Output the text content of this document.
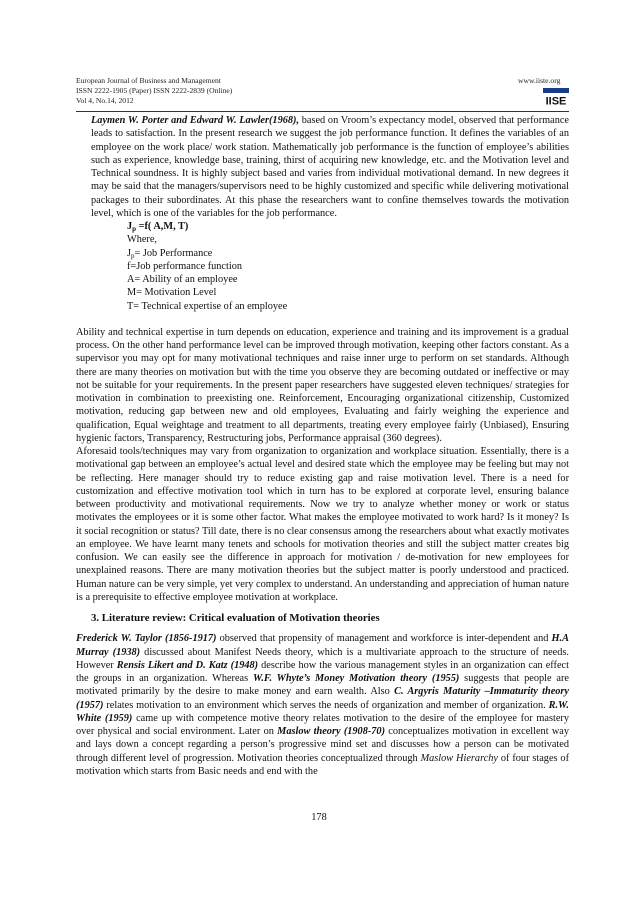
European Journal of Business and Management
ISSN 2222-1905 (Paper) ISSN 2222-2839 (Online)
Vol 4, No.14, 2012
www.iiste.org
IISE

Laymen W. Porter and Edward W. Lawler(1968), based on Vroom’s expectancy model, observed that performance leads to satisfaction. In the present research we suggest the job performance function. It defines the variables of an employee on the work place/ work station. Mathematically job performance is the function of employee’s abilities such as experience, knowledge base, training, thirst of acquiring new knowledge, etc. and the Motivation level and Technical soundness. It is highly subject based and varies from individual motivational demand. In new degrees it may be said that the managers/supervisors need to be highly customized and specific while delivering motivational packages to their subordinates. At this phase the researchers want to confine themselves towards the motivation level, which is one of the variables for the job performance.

$J_p =f$( A,M, T)
Where,
$J_p=$ Job Performance
f=Job performance function
A= Ability of an employee
M= Motivation Level
T= Technical expertise of an employee

Ability and technical expertise in turn depends on education, experience and training and its improvement is a gradual process. On the other hand performance level can be improved through motivation, keeping other factors constant. As a supervisor you may opt for many motivational techniques and raise inner urge to perform on set standards. Although there are many theories on motivation but with the time you observe they are becoming outdated or ineffective or may not be suitable for your requirements. In the present paper researchers have suggested eleven techniques/ strategies for motivation in combination to preexisting one. Reinforcement, Encouraging organizational citizenship, Customized motivation, reducing gap between new and old employees, Evaluating and fairly weighing the experience and qualification, Equal weightage and treatment to all departments, treating every employee fairly (Unbiased), Ensuring hygienic factors, Transparency, Restructuring jobs, Performance appraisal (360 degrees).

Aforesaid tools/techniques may vary from organization to organization and workplace situation. Essentially, there is a motivational gap between an employee’s actual level and desired state which the employee may be feeling but may not be reflecting. Here manager should try to reduce existing gap and raise motivation level. There is a need for customization and effective motivation tool which in turn has to be explored at corporate level, ensuring balance between productivity and motivational requirements. Now we try to analyze whether money or work or status motivates the employees or it is some other factor. What makes the employee motivated to work hard? Is it money? Is it social recognition or status? Till date, there is no clear consensus among the researchers about what exactly motivates an employee. We have learnt many tenets and schools for motivation theories and still the subject matter creates big confusion. We can easily see the difference in approach for motivation / de-motivation for new employees for unexplained reasons. There are many motivation theories but the subject matter is poorly understood and practiced. Human nature can be very simple, yet very complex to understand. An understanding and appreciation of human nature is a prerequisite to effective employee motivation at workplace.

3. Literature review: Critical evaluation of Motivation theories

Frederick W. Taylor (1856-1917) observed that propensity of management and workforce is inter-dependent and H.A Murray (1938) discussed about Manifest Needs theory, which is a multivariate approach to the structure of needs. However Rensis Likert and D. Katz (1948) describe how the various management styles in an organization can effect the groups in an organization. Whereas W.F. Whyte’s Money Motivation theory (1955) suggests that people are motivated primarily by the desire to make money and earn wealth. Also C. Argyris Maturity –Immaturity theory (1957) relates motivation to an environment which serves the needs of organization and member of organization. R.W. White (1959) came up with competence motive theory relates motivation to the desire of the employee for mastery over physical and social environment. Later on Maslow theory (1908-70) conceptualizes motivation in excellent way and lays down a concept regarding a person’s progressive mind set and discusses how a person can be motivated through different level of progression. Motivation theories conceptualized through Maslow Hierarchy of four stages of motivation which starts from Basic needs and end with the

178
